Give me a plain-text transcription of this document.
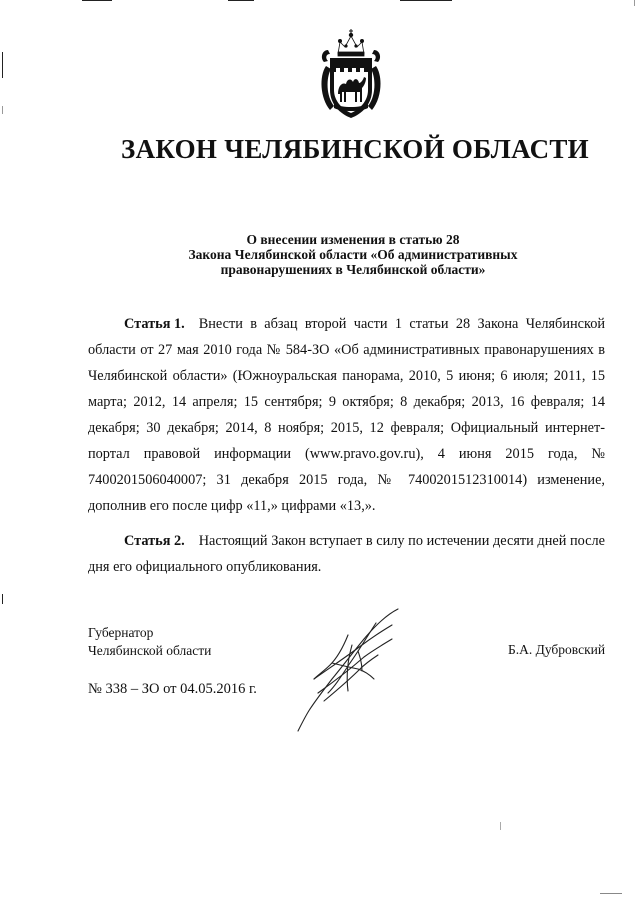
ЗАКОН ЧЕЛЯБИНСКОЙ ОБЛАСТИ
О внесении изменения в статью 28
Закона Челябинской области «Об административных
правонарушениях в Челябинской области»
Статья 1. Внести в абзац второй части 1 статьи 28 Закона Челябинской области от 27 мая 2010 года № 584-ЗО «Об административных правонарушениях в Челябинской области» (Южноуральская панорама, 2010, 5 июня; 6 июля; 2011, 15 марта; 2012, 14 апреля; 15 сентября; 9 октября; 8 декабря; 2013, 16 февраля; 14 декабря; 30 декабря; 2014, 8 ноября; 2015, 12 февраля; Официальный интернет-портал правовой информации (www.pravo.gov.ru), 4 июня 2015 года, № 7400201506040007; 31 декабря 2015 года, № 7400201512310014) изменение, дополнив его после цифр «11,» цифрами «13,».
Статья 2. Настоящий Закон вступает в силу по истечении десяти дней после дня его официального опубликования.
Губернатор
Челябинской области	Б.А. Дубровский
№ 338 – ЗО от 04.05.2016 г.
